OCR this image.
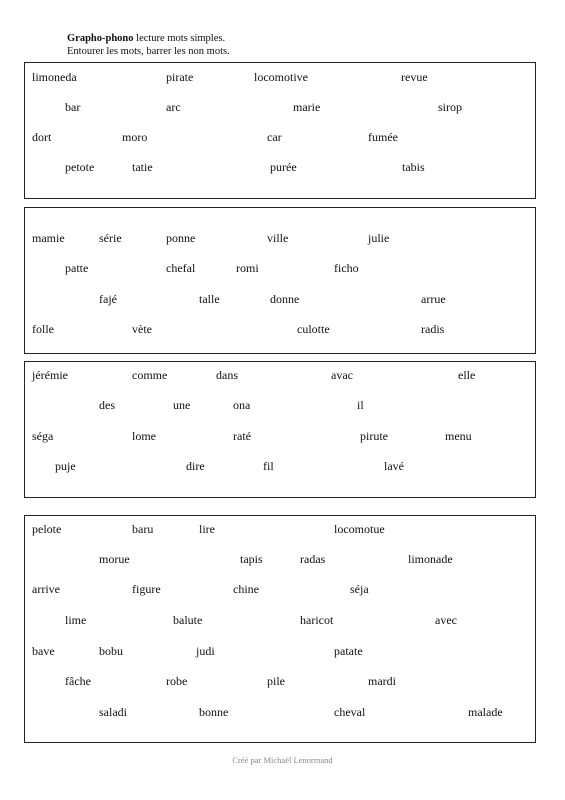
Grapho-phono lecture mots simples.
Entourer les mots, barrer les non mots.
limoneda	pirate	locomotive	revue
bar	arc	marie	sirop
dort	moro	car	fumée
petote	tatie	purée	tabis
mamie	série	ponne	ville	julie
patte	chefal	romi	ficho
fajé	talle	donne	arrue
folle	vète	culotte	radis
jérémie	comme	dans	avac	elle
des	une	ona	il
séga	lome	raté	pirute	menu
puje	dire	fil	lavé
pelote	baru	lire	locomotue
morue	tapis	radas	limonade
arrive	figure	chine	séja
lime	balute	haricot	avec
bave	bobu	judi	patate
fâche	robe	pile	mardi
saladi	bonne	cheval	malade
Créé par Michaël Lenormand
